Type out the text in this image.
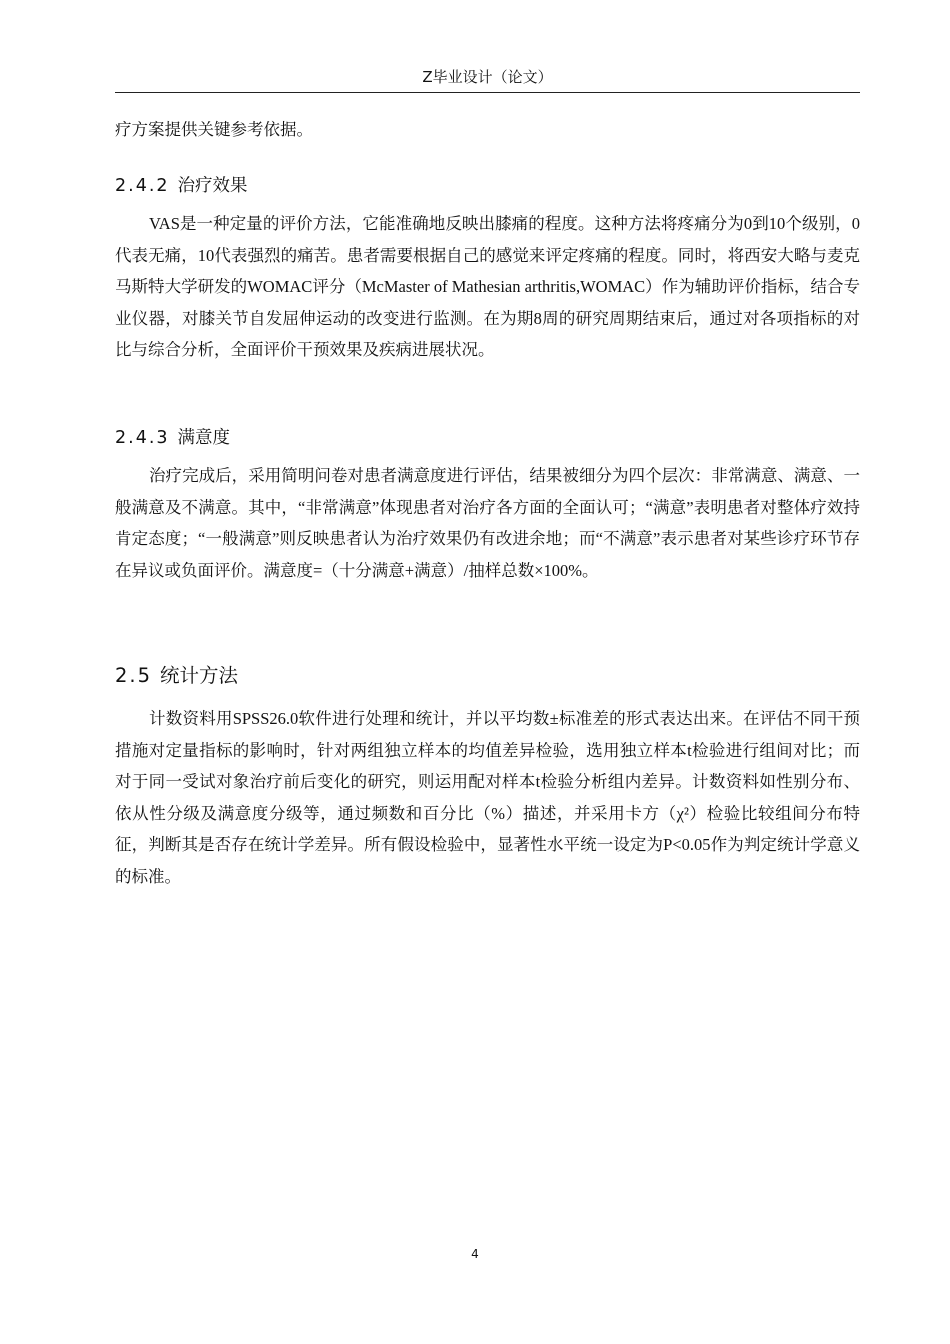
Z毕业设计（论文）

疗方案提供关键参考依据。

2.4.2 治疗效果

VAS是一种定量的评价方法，它能准确地反映出膝痛的程度。这种方法将疼痛分为0到10个级别，0代表无痛，10代表强烈的痛苦。患者需要根据自己的感觉来评定疼痛的程度。同时，将西安大略与麦克马斯特大学研发的WOMAC评分（McMaster of Mathesian arthritis,WOMAC）作为辅助评价指标，结合专业仪器，对膝关节自发屈伸运动的改变进行监测。在为期8周的研究周期结束后，通过对各项指标的对比与综合分析，全面评价干预效果及疾病进展状况。

2.4.3 满意度

治疗完成后，采用简明问卷对患者满意度进行评估，结果被细分为四个层次：非常满意、满意、一般满意及不满意。其中，“非常满意”体现患者对治疗各方面的全面认可；“满意”表明患者对整体疗效持肯定态度；“一般满意”则反映患者认为治疗效果仍有改进余地；而“不满意”表示患者对某些诊疗环节存在异议或负面评价。满意度=（十分满意+满意）/抽样总数×100%。

2.5 统计方法

计数资料用SPSS26.0软件进行处理和统计，并以平均数±标准差的形式表达出来。在评估不同干预措施对定量指标的影响时，针对两组独立样本的均值差异检验，选用独立样本t检验进行组间对比；而对于同一受试对象治疗前后变化的研究，则运用配对样本t检验分析组内差异。计数资料如性别分布、依从性分级及满意度分级等，通过频数和百分比（%）描述，并采用卡方（χ²）检验比较组间分布特征，判断其是否存在统计学差异。所有假设检验中，显著性水平统一设定为P<0.05作为判定统计学意义的标准。

4
